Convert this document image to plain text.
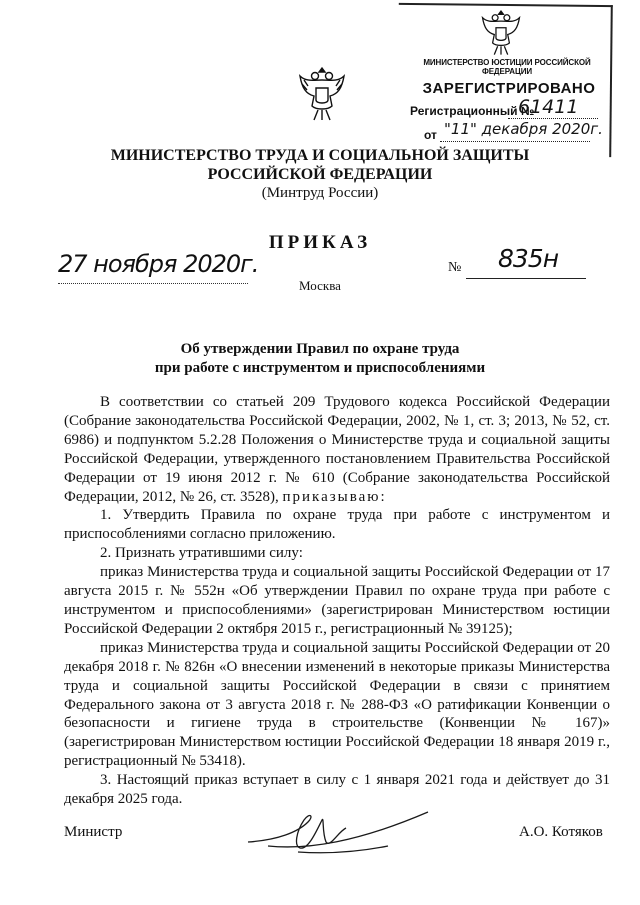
МИНИСТЕРСТВО ЮСТИЦИИ РОССИЙСКОЙ ФЕДЕРАЦИИ
ЗАРЕГИСТРИРОВАНО
Регистрационный №
61411
от "11" декабря 2020г.
МИНИСТЕРСТВО ТРУДА И СОЦИАЛЬНОЙ ЗАЩИТЫ
РОССИЙСКОЙ ФЕДЕРАЦИИ
(Минтруд России)
ПРИКАЗ
27 ноября 2020г.
Москва
№ 835н
Об утверждении Правил по охране труда
при работе с инструментом и приспособлениями

В соответствии со статьей 209 Трудового кодекса Российской Федерации (Собрание законодательства Российской Федерации, 2002, № 1, ст. 3; 2013, № 52, ст. 6986) и подпунктом 5.2.28 Положения о Министерстве труда и социальной защиты Российской Федерации, утвержденного постановлением Правительства Российской Федерации от 19 июня 2012 г. № 610 (Собрание законодательства Российской Федерации, 2012, № 26, ст. 3528), приказываю:

1. Утвердить Правила по охране труда при работе с инструментом и приспособлениями согласно приложению.

2. Признать утратившими силу:

приказ Министерства труда и социальной защиты Российской Федерации от 17 августа 2015 г. № 552н «Об утверждении Правил по охране труда при работе с инструментом и приспособлениями» (зарегистрирован Министерством юстиции Российской Федерации 2 октября 2015 г., регистрационный № 39125);

приказ Министерства труда и социальной защиты Российской Федерации от 20 декабря 2018 г. № 826н «О внесении изменений в некоторые приказы Министерства труда и социальной защиты Российской Федерации в связи с принятием Федерального закона от 3 августа 2018 г. № 288-ФЗ «О ратификации Конвенции о безопасности и гигиене труда в строительстве (Конвенции № 167)» (зарегистрирован Министерством юстиции Российской Федерации 18 января 2019 г., регистрационный № 53418).

3. Настоящий приказ вступает в силу с 1 января 2021 года и действует до 31 декабря 2025 года.

Министр	А.О. Котяков
